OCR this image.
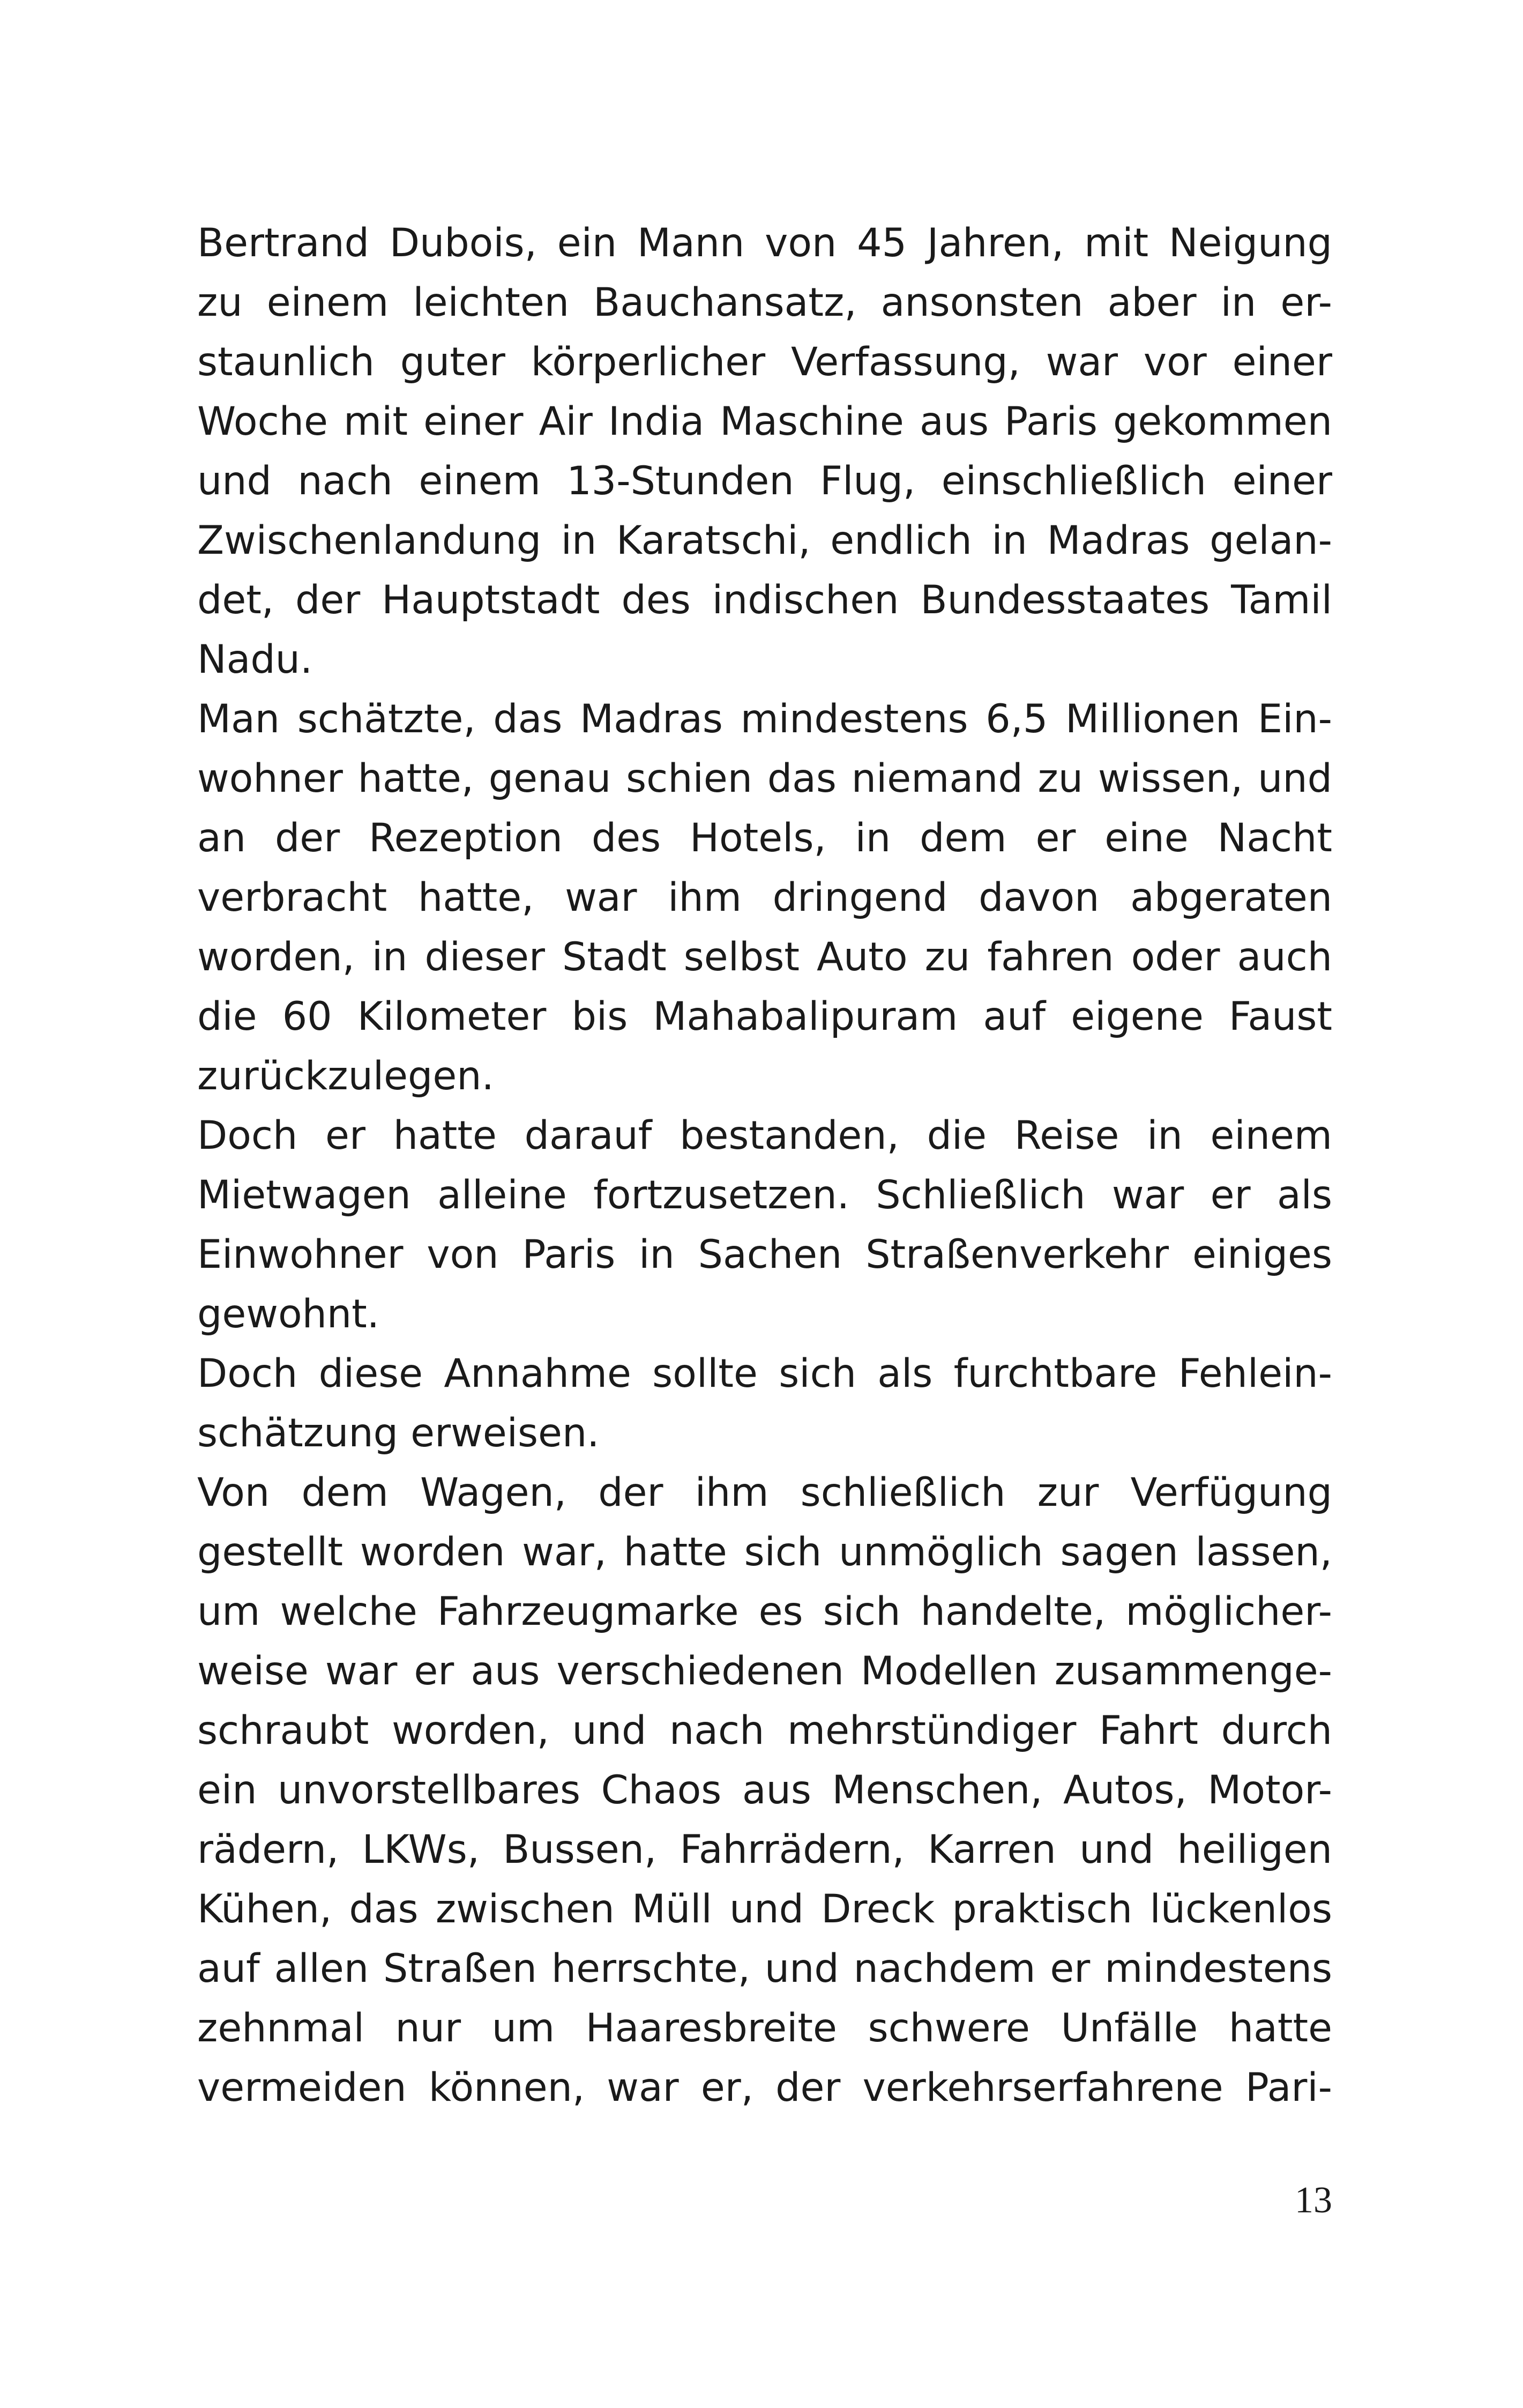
Bertrand Dubois, ein Mann von 45 Jahren, mit Neigung
zu einem leichten Bauchansatz, ansonsten aber in er-
staunlich guter körperlicher Verfassung, war vor einer
Woche mit einer Air India Maschine aus Paris gekommen
und nach einem 13-Stunden Flug, einschließlich einer
Zwischenlandung in Karatschi, endlich in Madras gelan-
det, der Hauptstadt des indischen Bundesstaates Tamil
Nadu.
Man schätzte, das Madras mindestens 6,5 Millionen Ein-
wohner hatte, genau schien das niemand zu wissen, und
an der Rezeption des Hotels, in dem er eine Nacht
verbracht hatte, war ihm dringend davon abgeraten
worden, in dieser Stadt selbst Auto zu fahren oder auch
die 60 Kilometer bis Mahabalipuram auf eigene Faust
zurückzulegen.
Doch er hatte darauf bestanden, die Reise in einem
Mietwagen alleine fortzusetzen. Schließlich war er als
Einwohner von Paris in Sachen Straßenverkehr einiges
gewohnt.
Doch diese Annahme sollte sich als furchtbare Fehlein-
schätzung erweisen.
Von dem Wagen, der ihm schließlich zur Verfügung
gestellt worden war, hatte sich unmöglich sagen lassen,
um welche Fahrzeugmarke es sich handelte, möglicher-
weise war er aus verschiedenen Modellen zusammenge-
schraubt worden, und nach mehrstündiger Fahrt durch
ein unvorstellbares Chaos aus Menschen, Autos, Motor-
rädern, LKWs, Bussen, Fahrrädern, Karren und heiligen
Kühen, das zwischen Müll und Dreck praktisch lückenlos
auf allen Straßen herrschte, und nachdem er mindestens
zehnmal nur um Haaresbreite schwere Unfälle hatte
vermeiden können, war er, der verkehrserfahrene Pari-
13
